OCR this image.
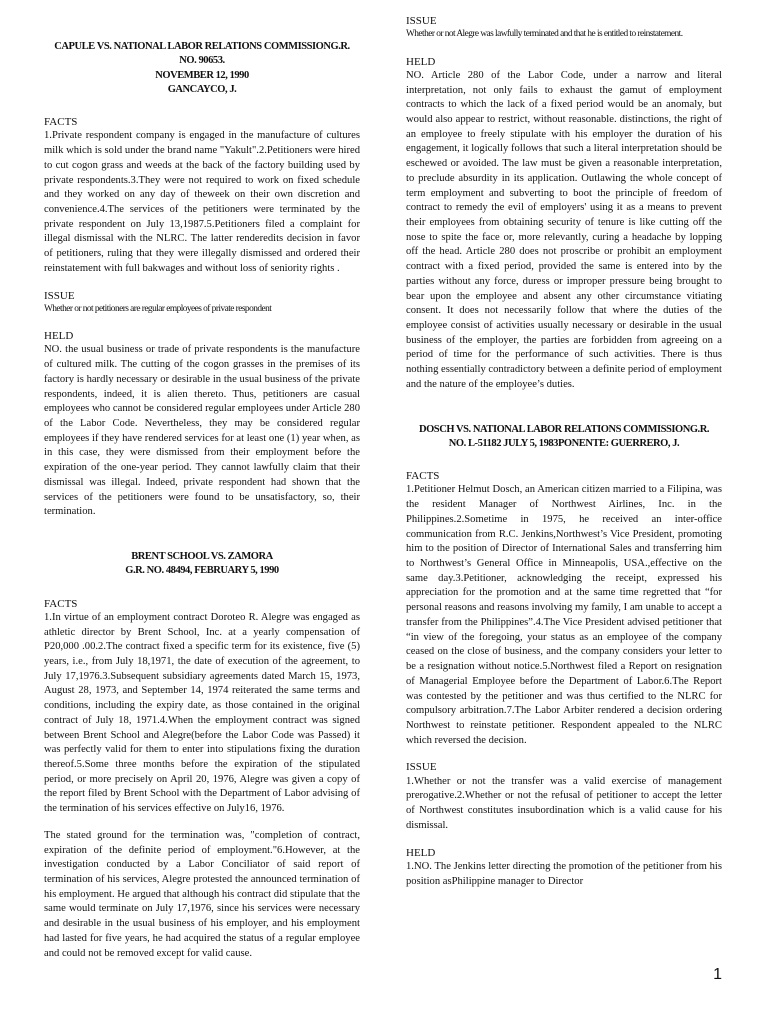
CAPULE VS. NATIONAL LABOR RELATIONS COMMISSIONG.R.
NO. 90653.
NOVEMBER 12, 1990
GANCAYCO, J.

FACTS

1.Private respondent company is engaged in the manufacture of cultures milk which is sold under the brand name "Yakult".2.Petitioners were hired to cut cogon grass and weeds at the back of the factory building used by private respondents.3.They were not required to work on fixed schedule and they worked on any day of theweek on their own discretion and convenience.4.The services of the petitioners were terminated by the private respondent on July 13,1987.5.Petitioners filed a complaint for illegal dismissal with the NLRC. The latter renderedits decision in favor of petitioners, ruling that they were illegally dismissed and ordered their reinstatement with full bakwages and without loss of seniority rights .

ISSUE

Whether or not petitioners are regular employees of private respondent

HELD

NO. the usual business or trade of private respondents is the manufacture of cultured milk. The cutting of the cogon grasses in the premises of its factory is hardly necessary or desirable in the usual business of the private respondents, indeed, it is alien thereto. Thus, petitioners are casual employees who cannot be considered regular employees under Article 280 of the Labor Code. Nevertheless, they may be considered regular employees if they have rendered services for at least one (1) year when, as in this case, they were dismissed from their employment before the expiration of the one-year period. They cannot lawfully claim that their dismissal was illegal. Indeed, private respondent had shown that the services of the petitioners were found to be unsatisfactory, so, their termination.

BRENT SCHOOL VS. ZAMORA
G.R. NO. 48494, FEBRUARY 5, 1990

FACTS

1.In virtue of an employment contract Doroteo R. Alegre was engaged as athletic director by Brent School, Inc. at a yearly compensation of P20,000 .00.2.The contract fixed a specific term for its existence, five (5) years, i.e., from July 18,1971, the date of execution of the agreement, to July 17,1976.3.Subsequent subsidiary agreements dated March 15, 1973, August 28, 1973, and September 14, 1974 reiterated the same terms and conditions, including the expiry date, as those contained in the original contract of July 18, 1971.4.When the employment contract was signed between Brent School and Alegre(before the Labor Code was Passed) it was perfectly valid for them to enter into stipulations fixing the duration thereof.5.Some three months before the expiration of the stipulated period, or more precisely on April 20, 1976, Alegre was given a copy of the report filed by Brent School with the Department of Labor advising of the termination of his services effective on July16, 1976.

The stated ground for the termination was, "completion of contract, expiration of the definite period of employment."6.However, at the investigation conducted by a Labor Conciliator of said report of termination of his services, Alegre protested the announced termination of his employment. He argued that although his contract did stipulate that the same would terminate on July 17,1976, since his services were necessary and desirable in the usual business of his employer, and his employment had lasted for five years, he had acquired the status of a regular employee and could not be removed except for valid cause.

ISSUE

Whether or not Alegre was lawfully terminated and that he is entitled to reinstatement.

HELD

NO. Article 280 of the Labor Code, under a narrow and literal interpretation, not only fails to exhaust the gamut of employment contracts to which the lack of a fixed period would be an anomaly, but would also appear to restrict, without reasonable. distinctions, the right of an employee to freely stipulate with his employer the duration of his engagement, it logically follows that such a literal interpretation should be eschewed or avoided. The law must be given a reasonable interpretation, to preclude absurdity in its application. Outlawing the whole concept of term employment and subverting to boot the principle of freedom of contract to remedy the evil of employers' using it as a means to prevent their employees from obtaining security of tenure is like cutting off the nose to spite the face or, more relevantly, curing a headache by lopping off the head. Article 280 does not proscribe or prohibit an employment contract with a fixed period, provided the same is entered into by the parties without any force, duress or improper pressure being brought to bear upon the employee and absent any other circumstance vitiating consent. It does not necessarily follow that where the duties of the employee consist of activities usually necessary or desirable in the usual business of the employer, the parties are forbidden from agreeing on a period of time for the performance of such activities. There is thus nothing essentially contradictory between a definite period of employment and the nature of the employee’s duties.

DOSCH VS. NATIONAL LABOR RELATIONS COMMISSIONG.R.
NO. L-51182 JULY 5, 1983PONENTE: GUERRERO, J.

FACTS

1.Petitioner Helmut Dosch, an American citizen married to a Filipina, was the resident Manager of Northwest Airlines, Inc. in the Philippines.2.Sometime in 1975, he received an inter-office communication from R.C. Jenkins,Northwest’s Vice President, promoting him to the position of Director of International Sales and transferring him to Northwest’s General Office in Minneapolis, USA.,effective on the same day.3.Petitioner, acknowledging the receipt, expressed his appreciation for the promotion and at the same time regretted that “for personal reasons and reasons involving my family, I am unable to accept a transfer from the Philippines”.4.The Vice President advised petitioner that “in view of the foregoing, your status as an employee of the company ceased on the close of business, and the company considers your letter to be a resignation without notice.5.Northwest filed a Report on resignation of Managerial Employee before the Department of Labor.6.The Report was contested by the petitioner and was thus certified to the NLRC for compulsory arbitration.7.The Labor Arbiter rendered a decision ordering Northwest to reinstate petitioner. Respondent appealed to the NLRC which reversed the decision.

ISSUE

1.Whether or not the transfer was a valid exercise of management prerogative.2.Whether or not the refusal of petitioner to accept the letter of Northwest constitutes insubordination which is a valid cause for his dismissal.

HELD

1.NO. The Jenkins letter directing the promotion of the petitioner from his position asPhilippine manager to Director

1
